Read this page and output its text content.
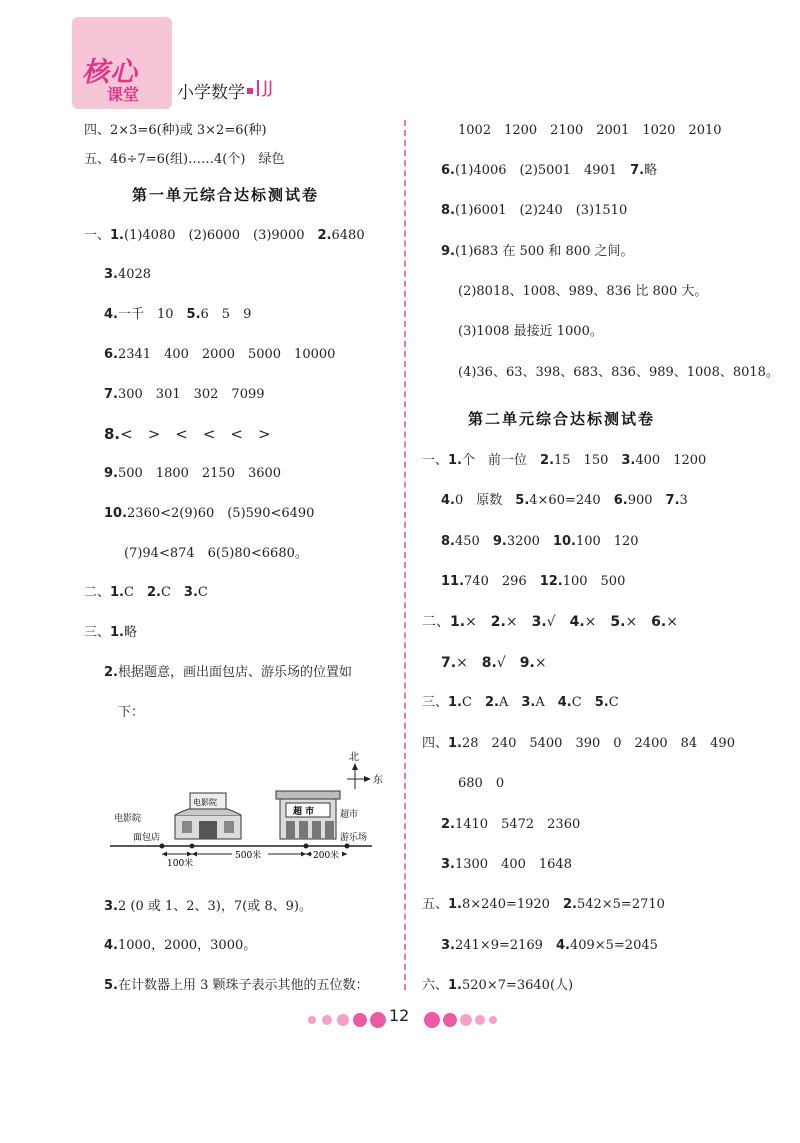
核心
课堂 小学数学 JJ
四、2×3=6(种)或 3×2=6(种)
五、46÷7=6(组)……4(个)　绿色
第一单元综合达标测试卷
一、1.(1)4080　(2)6000　(3)9000　 2.6480
3.4028
4.一千　10　 5.6　5　9
6.2341　400　2000　5000　10000
7.300　301　302　7099
8.<　>　<　<　<　>
9.500　1800　2150　3600
10.2360<2(9)60　(5)590<6490
(7)94<874　6(5)80<6680。
二、1.C　 2.C　 3.C
三、1.略
2.根据题意，画出面包店、游乐场的位置如
下：
北
东
电影院
超 市
电影院
面包店
超市
游乐场
100米
500米	200米
3.2 (0 或 1、2、3)，7(或 8、9)。
4.1000，2000，3000。
5.在计数器上用 3 颗珠子表示其他的五位数：
1002　1200　2100　2001　1020　2010
6.(1)4006　(2)5001　4901　 7.略
8.(1)6001　(2)240　(3)1510
9.(1)683 在 500 和 800 之间。
(2)8018、1008、989、836 比 800 大。
(3)1008 最接近 1000。
(4)36、63、398、683、836、989、1008、8018。
第二单元综合达标测试卷
一、1.个　前一位　 2.15　150　 3.400　1200
4.0　原数　 5.4×60=240　 6.900　 7.3
8.450　 9.3200　 10.100　120
11.740　296　 12.100　500
二、1.×　 2.×　 3.√　 4.×　 5.×　 6.×
7.×　 8.√　 9.×
三、1.C　 2.A　 3.A　 4.C　 5.C
四、1.28　240　5400　390　0　2400　84　490
680　0
2.1410　5472　2360
3.1300　400　1648
五、1.8×240=1920　 2.542×5=2710
3.241×9=2169　 4.409×5=2045
六、1.520×7=3640(人)
12
